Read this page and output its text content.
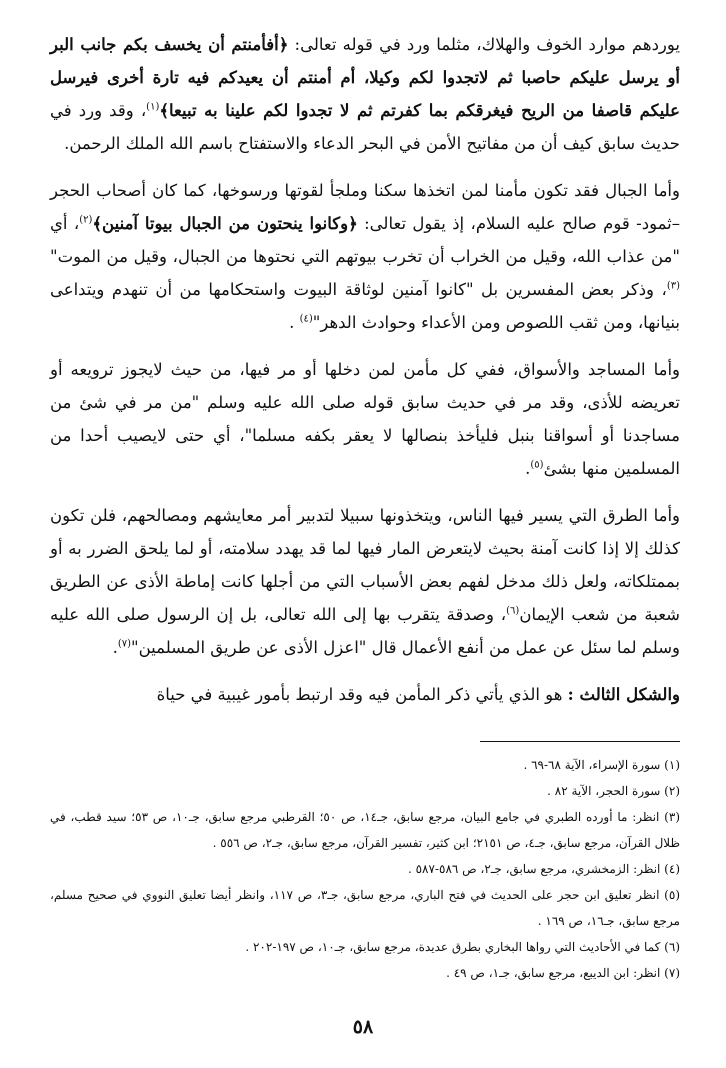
يوردهم موارد الخوف والهلاك، مثلما ورد في قوله تعالى: ﴿أفأمنتم أن يخسف بكم جانب البر أو يرسل عليكم حاصبا ثم لاتجدوا لكم وكيلا، أم أمنتم أن يعيدكم فيه تارة أخرى فيرسل عليكم قاصفا من الريح فيغرقكم بما كفرتم ثم لا تجدوا لكم علينا به تبيعا﴾$^{(١)}$، وقد ورد في حديث سابق كيف أن من مفاتيح الأمن في البحر الدعاء والاستفتاح باسم الله الملك الرحمن.

وأما الجبال فقد تكون مأمنا لمن اتخذها سكنا وملجأ لقوتها ورسوخها، كما كان أصحاب الحجر –ثمود- قوم صالح عليه السلام، إذ يقول تعالى: ﴿وكانوا ينحتون من الجبال بيوتا آمنين﴾$^{(٢)}$، أي "من عذاب الله، وقيل من الخراب أن تخرب بيوتهم التي نحتوها من الجبال، وقيل من الموت"$^{(٣)}$، وذكر بعض المفسرين بل "كانوا آمنين لوثاقة البيوت واستحكامها من أن تنهدم ويتداعى بنيانها، ومن ثقب اللصوص ومن الأعداء وحوادث الدهر"$^{(٤)}$ .

وأما المساجد والأسواق، ففي كل مأمن لمن دخلها أو مر فيها، من حيث لايجوز ترويعه أو تعريضه للأذى، وقد مر في حديث سابق قوله صلى الله عليه وسلم "من مر في شئ من مساجدنا أو أسواقنا بنبل فليأخذ بنصالها لا يعقر بكفه مسلما"، أي حتى لايصيب أحدا من المسلمين منها بشئ$^{(٥)}$.

وأما الطرق التي يسير فيها الناس، ويتخذونها سبيلا لتدبير أمر معايشهم ومصالحهم، فلن تكون كذلك إلا إذا كانت آمنة بحيث لايتعرض المار فيها لما قد يهدد سلامته، أو لما يلحق الضرر به أو بممتلكاته، ولعل ذلك مدخل لفهم بعض الأسباب التي من أجلها كانت إماطة الأذى عن الطريق شعبة من شعب الإيمان$^{(٦)}$، وصدقة يتقرب بها إلى الله تعالى، بل إن الرسول صلى الله عليه وسلم لما سئل عن عمل من أنفع الأعمال قال "اعزل الأذى عن طريق المسلمين"$^{(٧)}$.

والشكل الثالث : هو الذي يأتي ذكر المأمن فيه وقد ارتبط بأمور غيبية في حياة

(١) سورة الإسراء، الآية ٦٨-٦٩ .

(٢) سورة الحجر، الآية ٨٢ .

(٣) انظر: ما أورده الطبري في جامع البيان، مرجع سابق، جـ١٤، ص ٥٠؛ القرطبي مرجع سابق، جـ١٠، ص ٥٣؛ سيد قطب، في ظلال القرآن، مرجع سابق، جـ٤، ص ٢١٥١؛ ابن كثير، تفسير القرآن، مرجع سابق، جـ٢، ص ٥٥٦ .

(٤) انظر: الزمخشري، مرجع سابق، جـ٢، ص ٥٨٦-٥٨٧ .

(٥) انظر تعليق ابن حجر على الحديث في فتح الباري، مرجع سابق، جـ٣، ص ١١٧، وانظر أيضا تعليق النووي في صحيح مسلم، مرجع سابق، جـ١٦، ص ١٦٩ .

(٦) كما في الأحاديث التي رواها البخاري بطرق عديدة، مرجع سابق، جـ١٠، ص ١٩٧-٢٠٢ .

(٧) انظر: ابن الديبع، مرجع سابق، جـ١، ص ٤٩ .

٥٨
